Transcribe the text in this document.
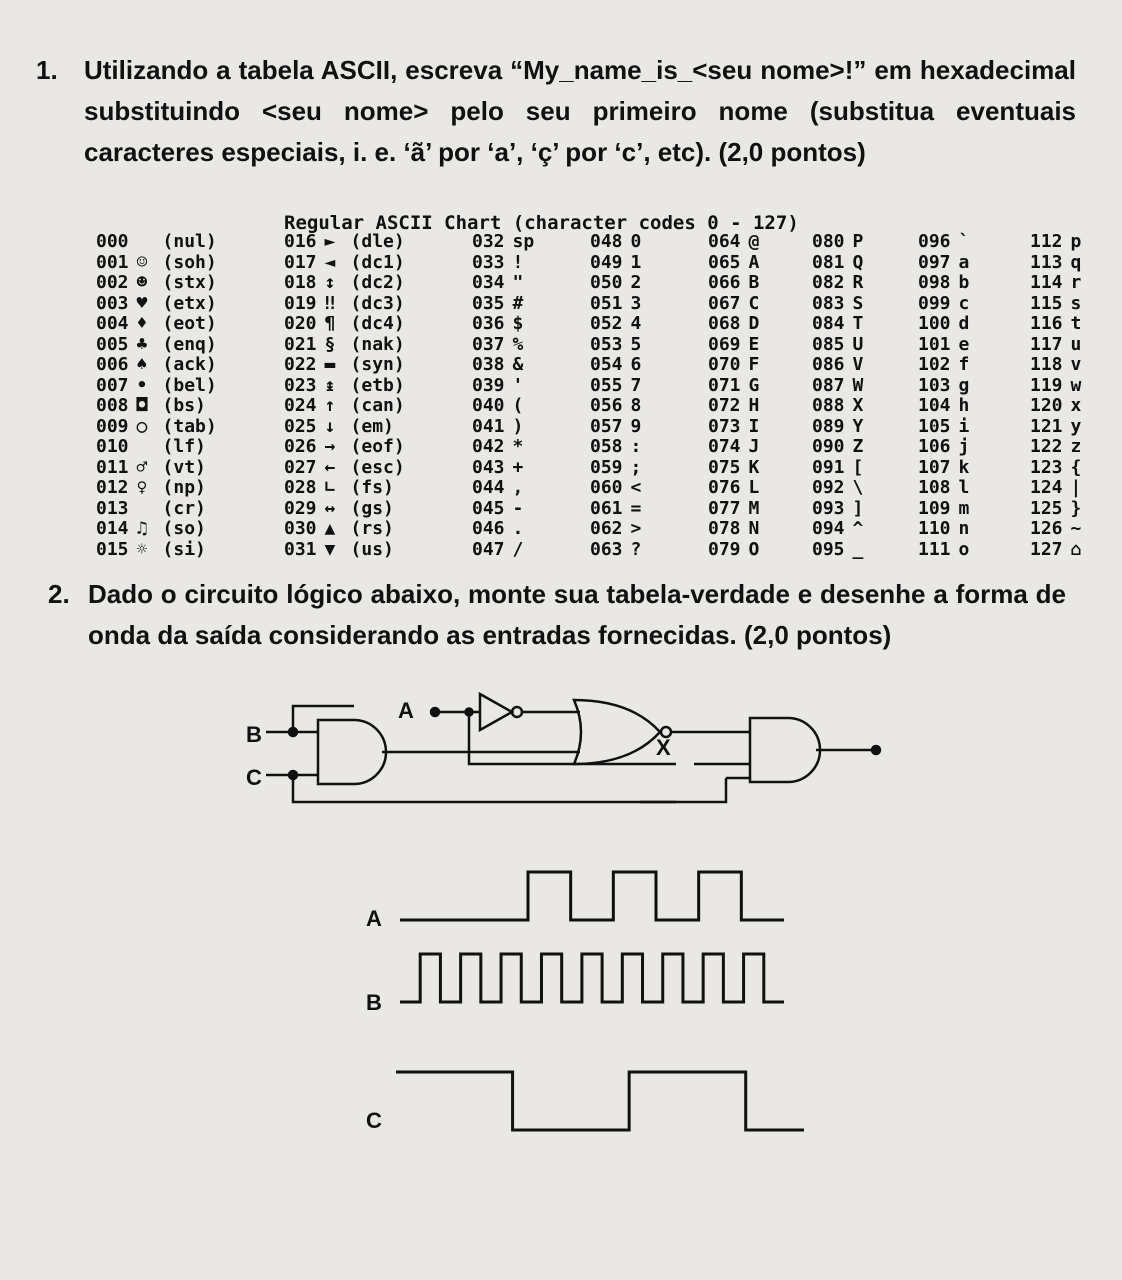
1. Utilizando a tabela ASCII, escreva “My_name_is_<seu nome>!” em hexadecimal substituindo <seu nome> pelo seu primeiro nome (substitua eventuais caracteres especiais, i. e. ‘ã’ por ‘a’, ‘ç’ por ‘c’, etc). (2,0 pontos)
Regular ASCII Chart (character codes 0 - 127)
000 (nul)
001 ☺ (soh)
002 ☻ (stx)
003 ♥ (etx)
004 ♦ (eot)
005 ♣ (enq)
006 ♠ (ack)
007 • (bel)
008 ◘ (bs)
009 ○ (tab)
010 (lf)
011 ♂ (vt)
012 ♀ (np)
013 (cr)
014 ♫ (so)
015 ☼ (si)
016 ► (dle)
017 ◄ (dc1)
018 ↕ (dc2)
019 ‼ (dc3)
020 ¶ (dc4)
021 § (nak)
022 ▬ (syn)
023 ↨ (etb)
024 ↑ (can)
025 ↓ (em)
026 → (eof)
027 ← (esc)
028 ∟ (fs)
029 ↔ (gs)
030 ▲ (rs)
031 ▼ (us)
032 sp
033 !
034 "
035 #
036 $
037 %
038 &
039 '
040 (
041 )
042 *
043 +
044 ,
045 -
046 .
047 /
048 0
049 1
050 2
051 3
052 4
053 5
054 6
055 7
056 8
057 9
058 :
059 ;
060 <
061 =
062 >
063 ?
064 @
065 A
066 B
067 C
068 D
069 E
070 F
071 G
072 H
073 I
074 J
075 K
076 L
077 M
078 N
079 O
080 P
081 Q
082 R
083 S
084 T
085 U
086 V
087 W
088 X
089 Y
090 Z
091 [
092 \
093 ]
094 ^
095 _
096 `
097 a
098 b
099 c
100 d
101 e
102 f
103 g
104 h
105 i
106 j
107 k
108 l
109 m
110 n
111 o
112 p
113 q
114 r
115 s
116 t
117 u
118 v
119 w
120 x
121 y
122 z
123 {
124 |
125 }
126 ~
127 ⌂
2. Dado o circuito lógico abaixo, monte sua tabela-verdade e desenhe a forma de onda da saída considerando as entradas fornecidas. (2,0 pontos)
A
B
C
X
A
B
C
